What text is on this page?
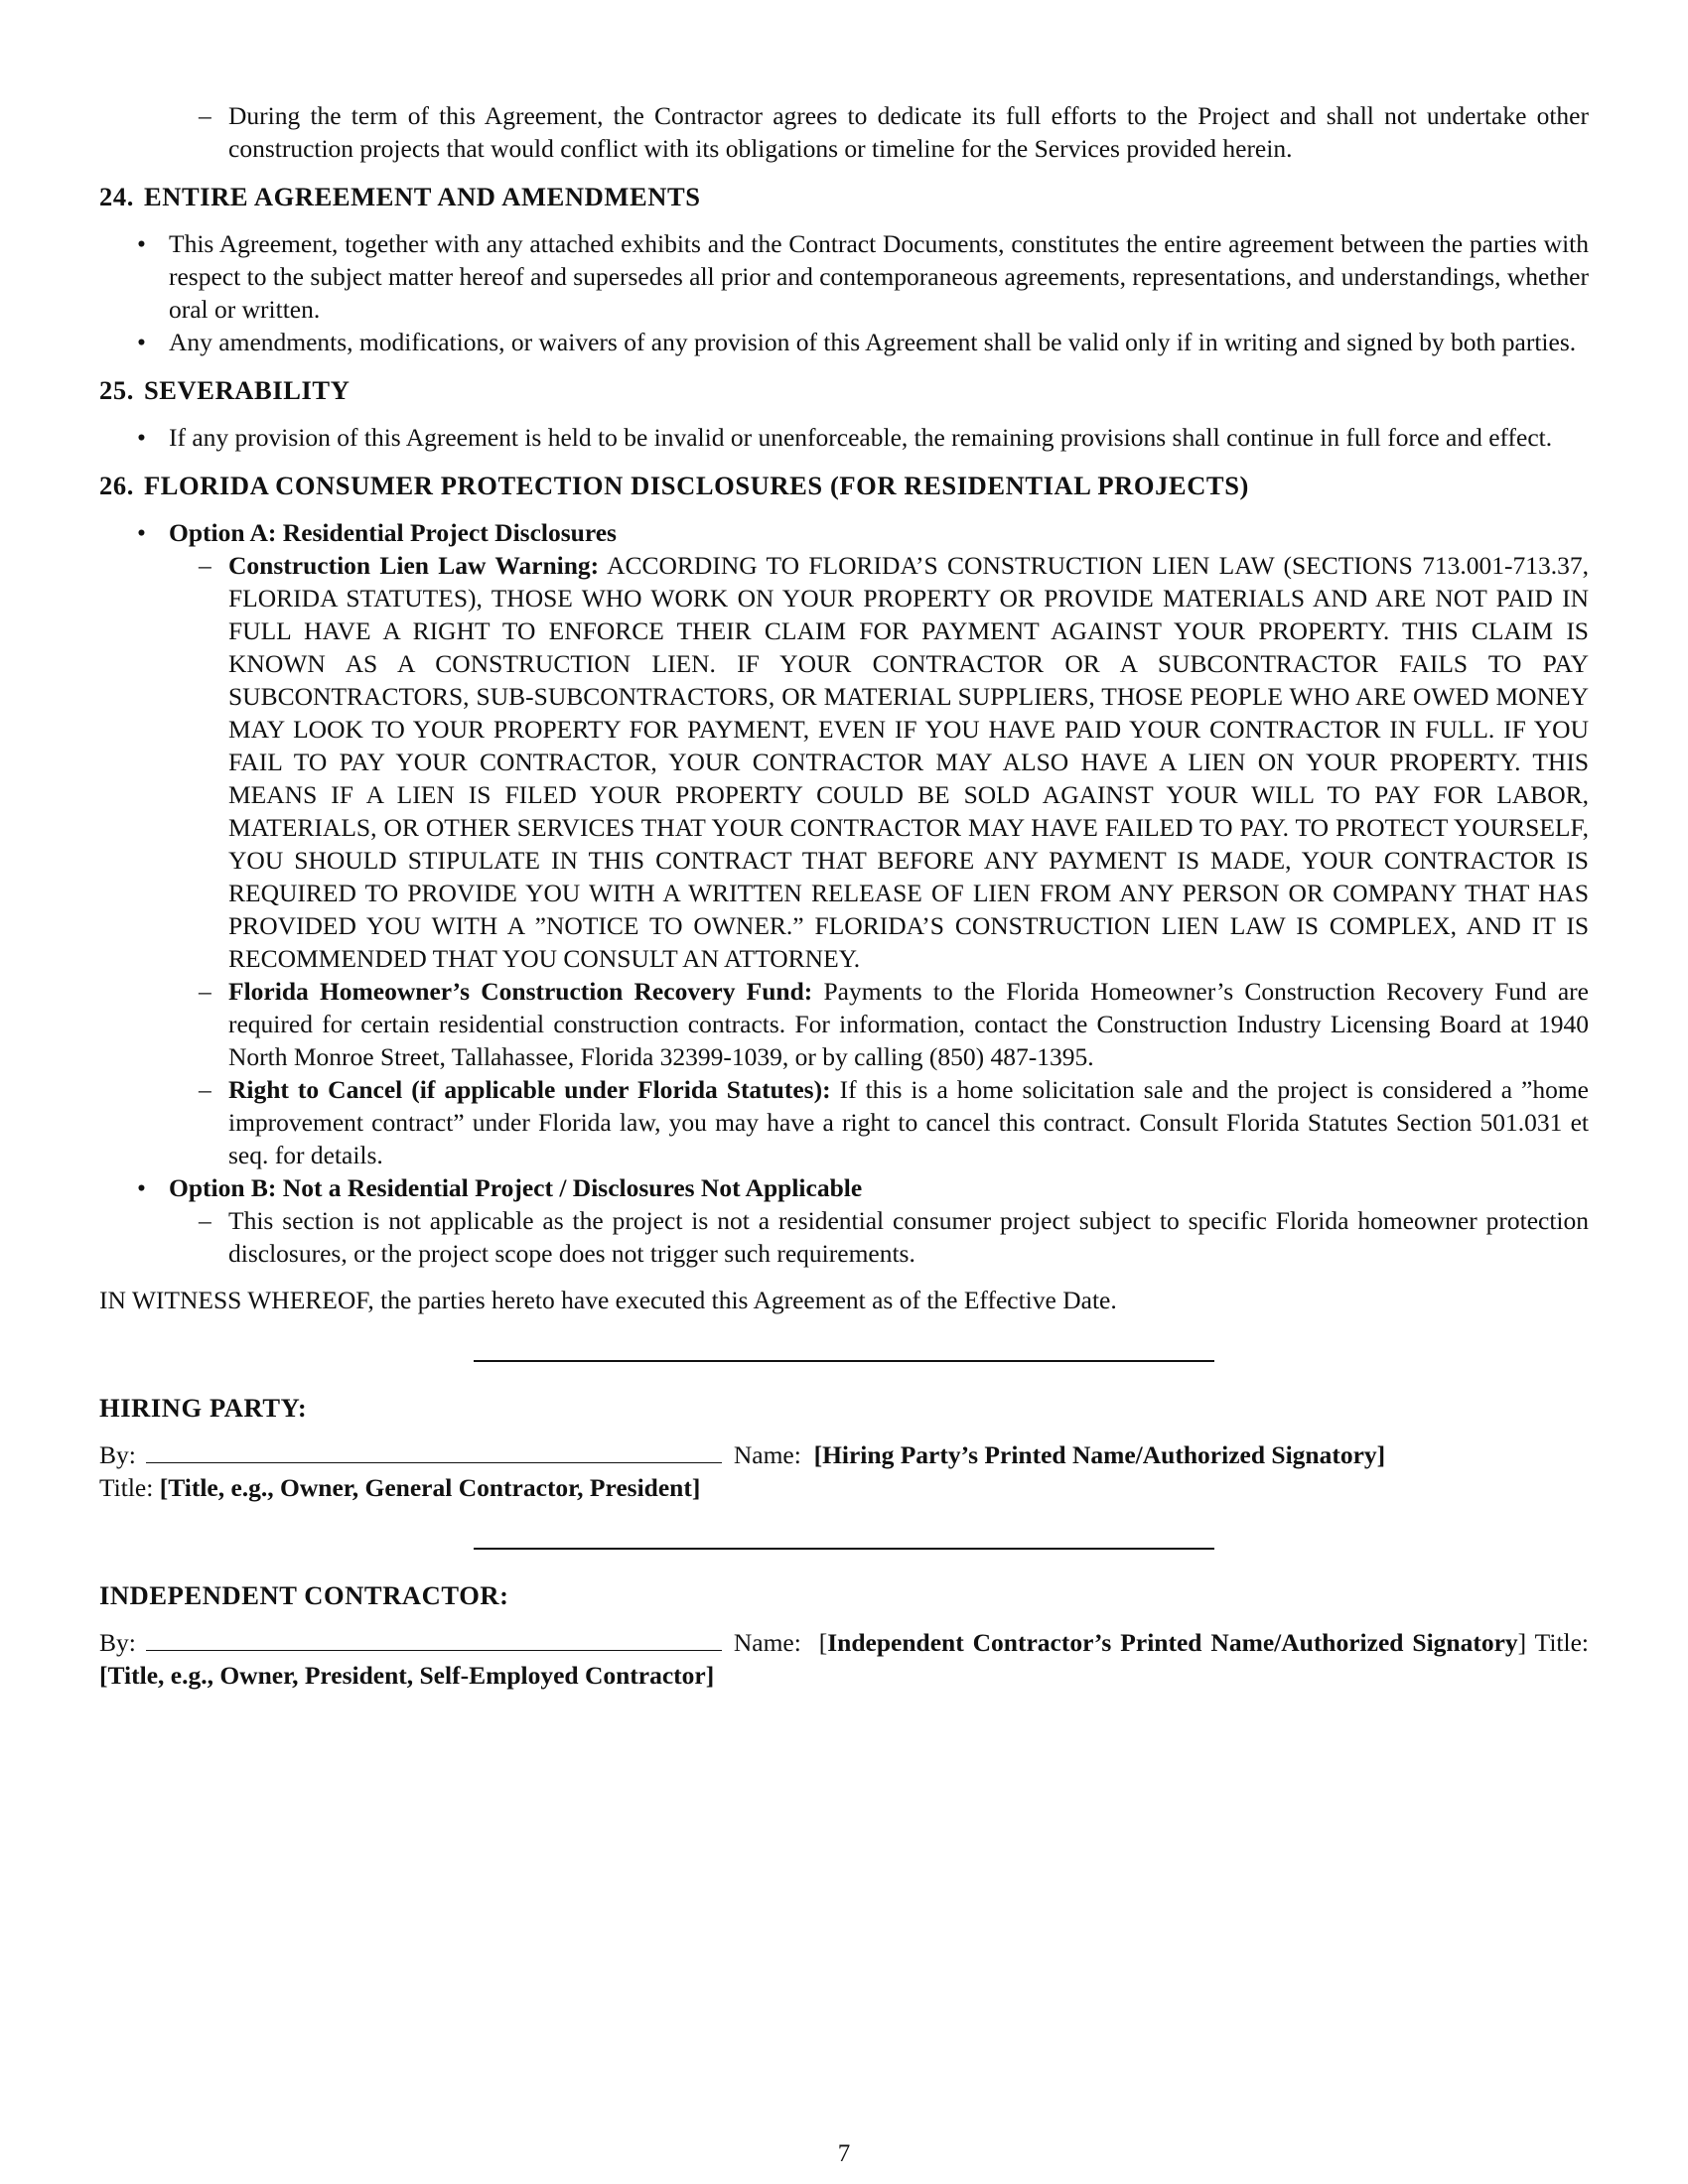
– During the term of this Agreement, the Contractor agrees to dedicate its full efforts to the Project and shall not undertake other construction projects that would conflict with its obligations or timeline for the Services provided herein.
24. ENTIRE AGREEMENT AND AMENDMENTS
• This Agreement, together with any attached exhibits and the Contract Documents, constitutes the entire agreement between the parties with respect to the subject matter hereof and supersedes all prior and contemporaneous agreements, representations, and understandings, whether oral or written.
• Any amendments, modifications, or waivers of any provision of this Agreement shall be valid only if in writing and signed by both parties.
25. SEVERABILITY
• If any provision of this Agreement is held to be invalid or unenforceable, the remaining provisions shall continue in full force and effect.
26. FLORIDA CONSUMER PROTECTION DISCLOSURES (FOR RESIDENTIAL PROJECTS)
• Option A: Residential Project Disclosures
– Construction Lien Law Warning: ACCORDING TO FLORIDA’S CONSTRUCTION LIEN LAW (SECTIONS 713.001-713.37, FLORIDA STATUTES), THOSE WHO WORK ON YOUR PROPERTY OR PROVIDE MATERIALS AND ARE NOT PAID IN FULL HAVE A RIGHT TO ENFORCE THEIR CLAIM FOR PAYMENT AGAINST YOUR PROPERTY. THIS CLAIM IS KNOWN AS A CONSTRUCTION LIEN. IF YOUR CONTRACTOR OR A SUBCONTRACTOR FAILS TO PAY SUBCONTRACTORS, SUB-SUBCONTRACTORS, OR MATERIAL SUPPLIERS, THOSE PEOPLE WHO ARE OWED MONEY MAY LOOK TO YOUR PROPERTY FOR PAYMENT, EVEN IF YOU HAVE PAID YOUR CONTRACTOR IN FULL. IF YOU FAIL TO PAY YOUR CONTRACTOR, YOUR CONTRACTOR MAY ALSO HAVE A LIEN ON YOUR PROPERTY. THIS MEANS IF A LIEN IS FILED YOUR PROPERTY COULD BE SOLD AGAINST YOUR WILL TO PAY FOR LABOR, MATERIALS, OR OTHER SERVICES THAT YOUR CONTRACTOR MAY HAVE FAILED TO PAY. TO PROTECT YOURSELF, YOU SHOULD STIPULATE IN THIS CONTRACT THAT BEFORE ANY PAYMENT IS MADE, YOUR CONTRACTOR IS REQUIRED TO PROVIDE YOU WITH A WRITTEN RELEASE OF LIEN FROM ANY PERSON OR COMPANY THAT HAS PROVIDED YOU WITH A ”NOTICE TO OWNER.” FLORIDA’S CONSTRUCTION LIEN LAW IS COMPLEX, AND IT IS RECOMMENDED THAT YOU CONSULT AN ATTORNEY.
– Florida Homeowner’s Construction Recovery Fund: Payments to the Florida Homeowner’s Construction Recovery Fund are required for certain residential construction contracts. For information, contact the Construction Industry Licensing Board at 1940 North Monroe Street, Tallahassee, Florida 32399-1039, or by calling (850) 487-1395.
– Right to Cancel (if applicable under Florida Statutes): If this is a home solicitation sale and the project is considered a ”home improvement contract” under Florida law, you may have a right to cancel this contract. Consult Florida Statutes Section 501.031 et seq. for details.
• Option B: Not a Residential Project / Disclosures Not Applicable
– This section is not applicable as the project is not a residential consumer project subject to specific Florida homeowner protection disclosures, or the project scope does not trigger such requirements.
IN WITNESS WHEREOF, the parties hereto have executed this Agreement as of the Effective Date.
HIRING PARTY:
By:	Name: [Hiring Party’s Printed Name/Authorized Signatory]
Title: [Title, e.g., Owner, General Contractor, President]
INDEPENDENT CONTRACTOR:
By:	Name: [Independent Contractor’s Printed Name/Authorized Signatory] Title: [Title, e.g., Owner, President, Self-Employed Contractor]
7
